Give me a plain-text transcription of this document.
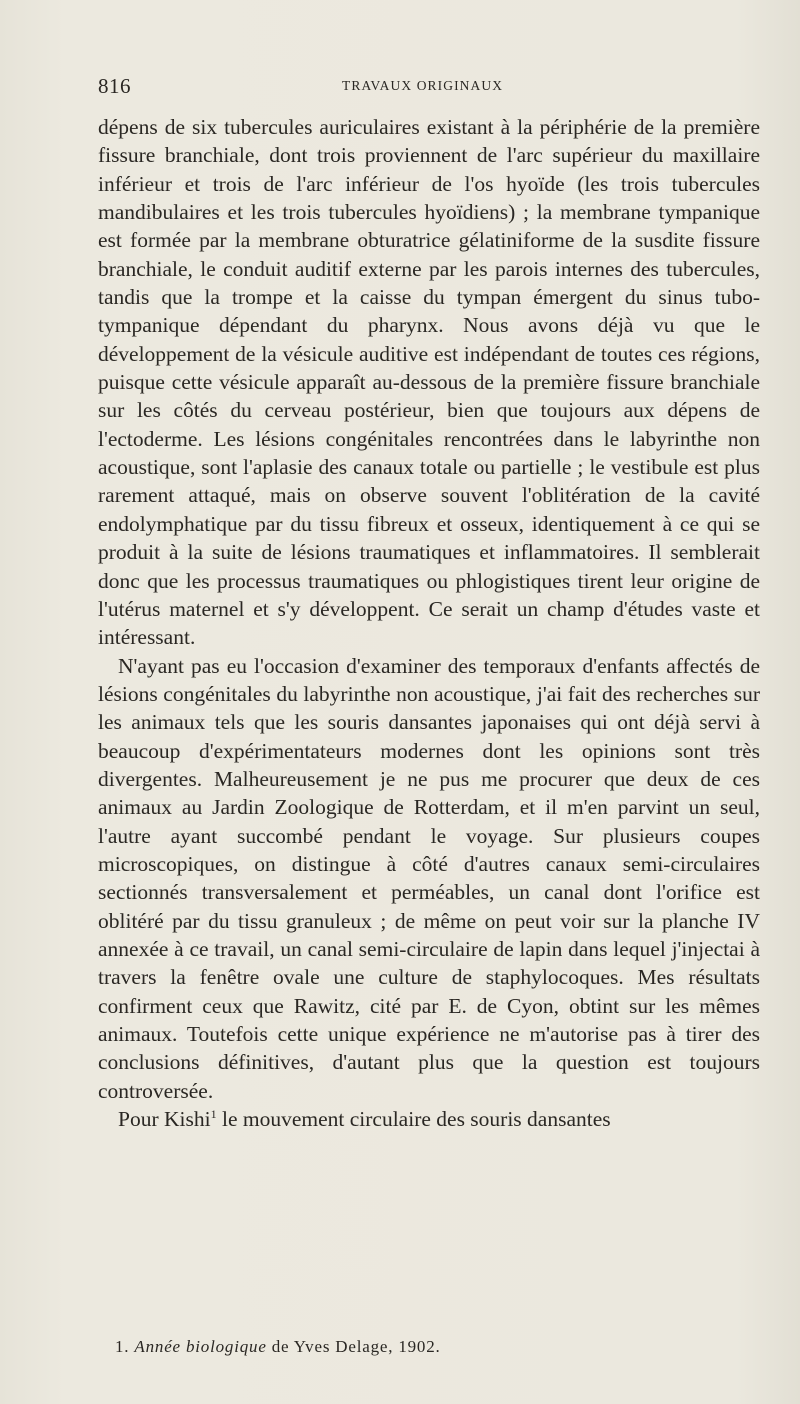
816	TRAVAUX ORIGINAUX

dépens de six tubercules auriculaires existant à la périphérie de la première fissure branchiale, dont trois proviennent de l'arc supérieur du maxillaire inférieur et trois de l'arc inférieur de l'os hyoïde (les trois tubercules mandibulaires et les trois tubercules hyoïdiens) ; la membrane tympanique est formée par la membrane obturatrice gélatiniforme de la susdite fissure branchiale, le conduit auditif externe par les parois internes des tubercules, tandis que la trompe et la caisse du tympan émergent du sinus tubo-tympanique dépendant du pharynx. Nous avons déjà vu que le développement de la vésicule auditive est indépendant de toutes ces régions, puisque cette vésicule apparaît au-dessous de la première fissure branchiale sur les côtés du cerveau postérieur, bien que toujours aux dépens de l'ectoderme. Les lésions congénitales rencontrées dans le labyrinthe non acoustique, sont l'aplasie des canaux totale ou partielle ; le vestibule est plus rarement attaqué, mais on observe souvent l'oblitération de la cavité endolymphatique par du tissu fibreux et osseux, identiquement à ce qui se produit à la suite de lésions traumatiques et inflammatoires. Il semblerait donc que les processus traumatiques ou phlogistiques tirent leur origine de l'utérus maternel et s'y développent. Ce serait un champ d'études vaste et intéressant.

N'ayant pas eu l'occasion d'examiner des temporaux d'enfants affectés de lésions congénitales du labyrinthe non acoustique, j'ai fait des recherches sur les animaux tels que les souris dansantes japonaises qui ont déjà servi à beaucoup d'expérimentateurs modernes dont les opinions sont très divergentes. Malheureusement je ne pus me procurer que deux de ces animaux au Jardin Zoologique de Rotterdam, et il m'en parvint un seul, l'autre ayant succombé pendant le voyage. Sur plusieurs coupes microscopiques, on distingue à côté d'autres canaux semi-circulaires sectionnés transversalement et perméables, un canal dont l'orifice est oblitéré par du tissu granuleux ; de même on peut voir sur la planche IV annexée à ce travail, un canal semi-circulaire de lapin dans lequel j'injectai à travers la fenêtre ovale une culture de staphylocoques. Mes résultats confirment ceux que Rawitz, cité par E. de Cyon, obtint sur les mêmes animaux. Toutefois cette unique expérience ne m'autorise pas à tirer des conclusions définitives, d'autant plus que la question est toujours controversée.

Pour Kishi$^1$ le mouvement circulaire des souris dansantes

1. Année biologique de Yves Delage, 1902.
